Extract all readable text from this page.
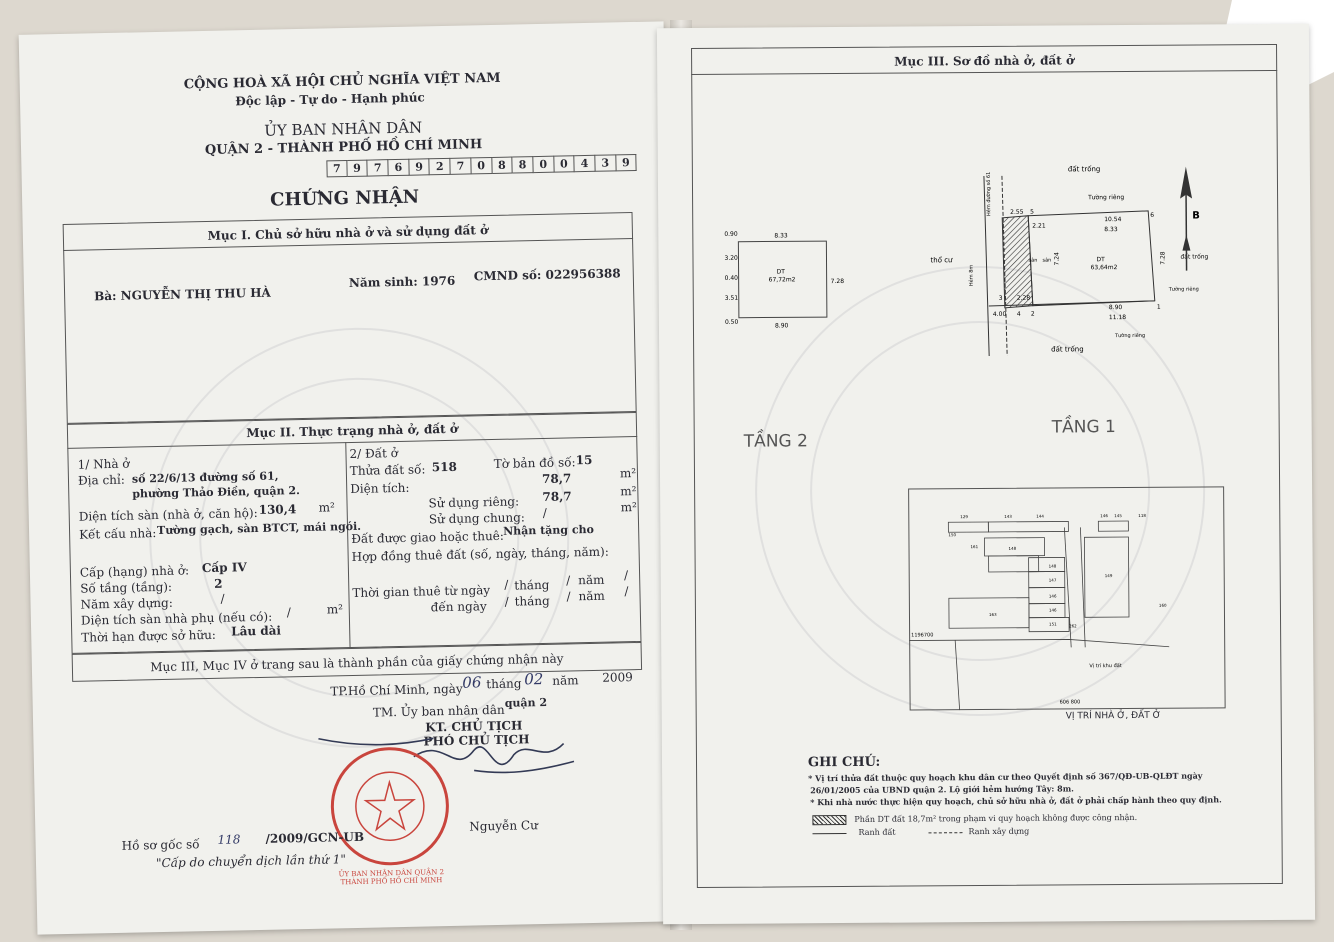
CỘNG HOÀ XÃ HỘI CHỦ NGHĨA VIỆT NAM
Độc lập - Tự do - Hạnh phúc
ỦY BAN NHÂN DÂN
QUẬN 2 - THÀNH PHỐ HỒ CHÍ MINH
7	9	7	6	9	2	7	0	8	8	0	0	4	3	9
CHỨNG NHẬN
Mục I. Chủ sở hữu nhà ở và sử dụng đất ở
Bà: NGUYỄN THỊ THU HÀ
Năm sinh: 1976 CMND số: 022956388
Mục II. Thực trạng nhà ở, đất ở
1/ Nhà ở
Địa chỉ: số 22/6/13 đường số 61,
phường Thảo Điền, quận 2.
Diện tích sàn (nhà ở, căn hộ): 130,4 m²
Kết cấu nhà: Tường gạch, sàn BTCT, mái ngói.
Cấp (hạng) nhà ở: Cấp IV
Số tầng (tầng):	2
Năm xây dựng:	/
Diện tích sàn nhà phụ (nếu có): /	m²
Thời hạn được sở hữu: Lâu dài
2/ Đất ở
Thửa đất số: 518	Tờ bản đồ số: 15
Diện tích:
78,7	m²
Sử dụng riêng: 78,7	m²
Sử dụng chung: /	m²
Đất được giao hoặc thuê:
Nhận tặng cho
Hợp đồng thuê đất (số, ngày, tháng, năm):
Thời gian thuê từ ngày / tháng / năm /
đến ngày / tháng / năm /
Mục III, Mục IV ở trang sau là thành phần của giấy chứng nhận này
TP.Hồ Chí Minh, ngày 06 tháng 02 năm 2009
TM. Ủy ban nhân dân quận 2
KT. CHỦ TỊCH
PHÓ CHỦ TỊCH
ỦY BAN NHÂN DÂN QUẬN 2 THÀNH PHỐ HỒ CHÍ MINH
Nguyễn Cư
Hồ sơ gốc số 118 /2009/GCN-UB
"Cấp do chuyển dịch lần thứ 1"
Mục III. Sơ đồ nhà ở, đất ở
TẦNG 2
TẦNG 1
0.90	8.33
3.20
0.40
3.51
7.28
0.50
8.90
DT
67,72m2
đất trống
Tường riêng
thổ cư
Hẻm đường số 61
Hẻm 8m
2.55
10.54
2.21	8.33
7.24	7.28
2.28
4.00
8.90
11.18
sân sân	DT
63,64m2
đất trống
Tường riêng
Tường riêng
đất trống
5	6
1
2
3
4
B
1196700
606 800
Vị trí khu đất
129	143	144	146 145	118
150
148
148
149
147
146
146
163
160
161
151	262
VỊ TRÍ NHÀ Ở, ĐẤT Ở
GHI CHÚ:
* Vị trí thửa đất thuộc quy hoạch khu dân cư theo Quyết định số 367/QĐ-UB-QLĐT ngày
26/01/2005 của UBND quận 2. Lộ giới hẻm hướng Tây: 8m.
* Khi nhà nước thực hiện quy hoạch, chủ sở hữu nhà ở, đất ở phải chấp hành theo quy định.
Phần DT đất 18,7m² trong phạm vi quy hoạch không được công nhận.
Ranh đất	Ranh xây dựng
